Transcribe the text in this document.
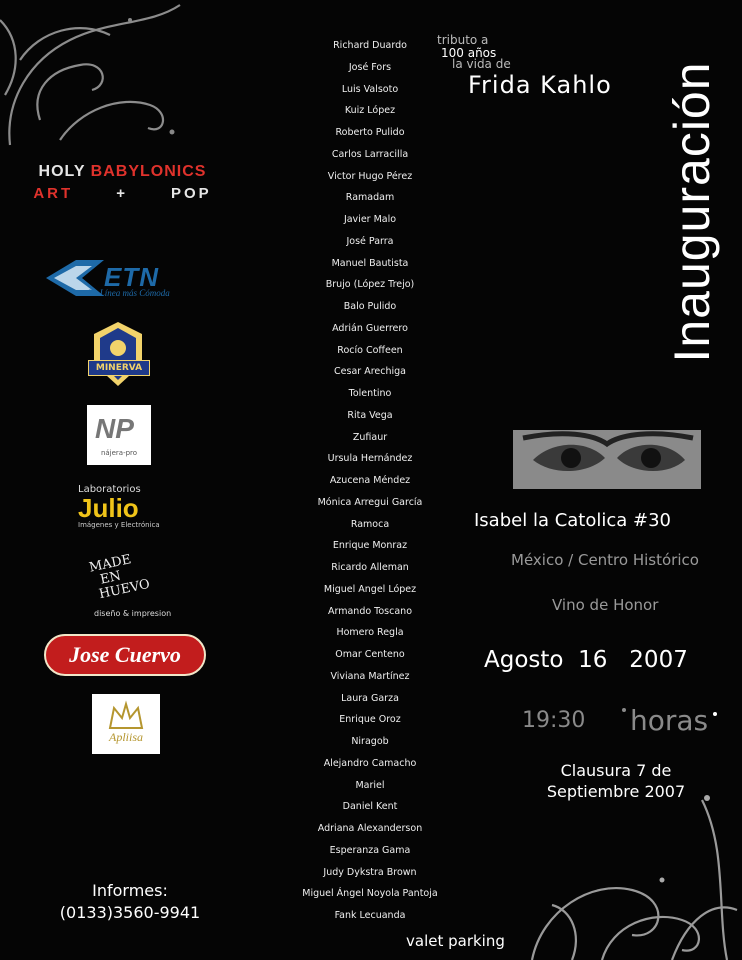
HOLY BABYLONICS
ART	+	POP
ETN
La Línea más Cómoda
MINERVA
NP
nájera-pro
Laboratorios
Julio
Imágenes y Electrónica
MADE
EN
HUEVO
diseño & impresion
Jose Cuervo
Apliisa
Informes:
(0133)3560-9941
Richard Duardo
José Fors
Luis Valsoto
Kuiz López
Roberto Pulido
Carlos Larracilla
Victor Hugo Pérez
Ramadam
Javier Malo
José Parra
Manuel Bautista
Brujo (López Trejo)
Balo Pulido
Adrián Guerrero
Rocío Coffeen
Cesar Arechiga
Tolentino
Rita Vega
Zufiaur
Ursula Hernández
Azucena Méndez
Mónica Arregui García
Ramoca
Enrique Monraz
Ricardo Alleman
Miguel Angel López
Armando Toscano
Homero Regla
Omar Centeno
Viviana Martínez
Laura Garza
Enrique Oroz
Niragob
Alejandro Camacho
Mariel
Daniel Kent
Adriana Alexanderson
Esperanza Gama
Judy Dykstra Brown
Miguel Ángel Noyola Pantoja
Fank Lecuanda
tributo a
100 años
la vida de
Frida Kahlo Inauguración
Isabel la Catolica #30
México / Centro Histórico
Vino de Honor
Agosto  16   2007
19:30 horas
Clausura 7 de
Septiembre 2007
valet parking
